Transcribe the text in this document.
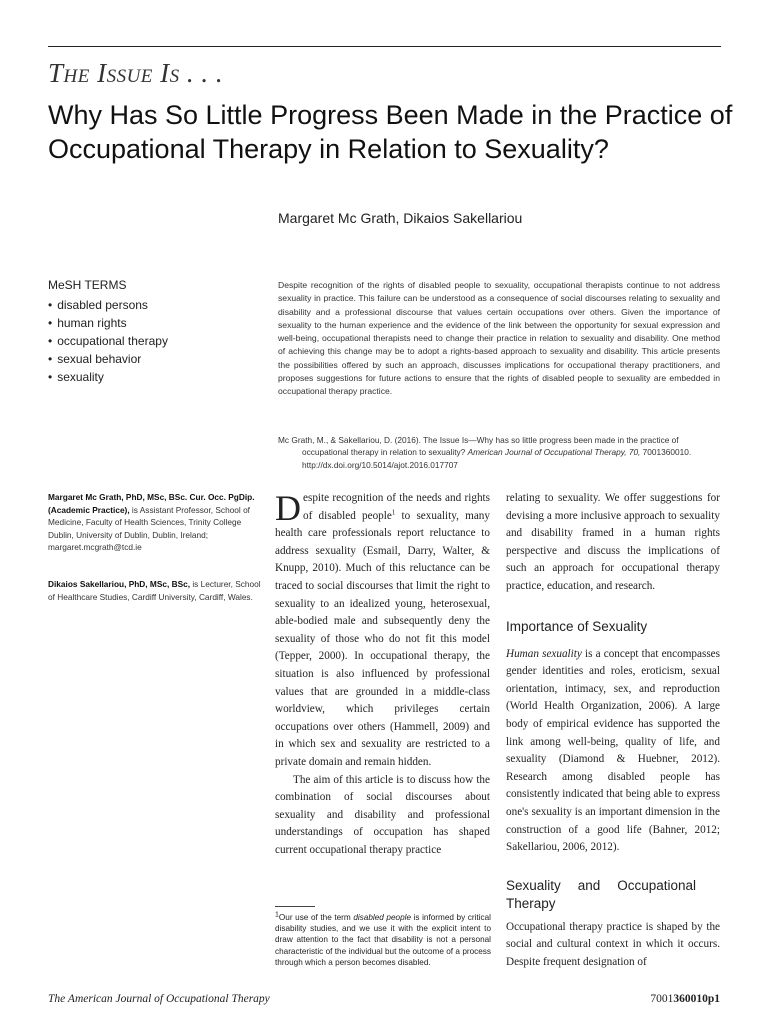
The Issue Is . . .
Why Has So Little Progress Been Made in the Practice of Occupational Therapy in Relation to Sexuality?
Margaret Mc Grath, Dikaios Sakellariou
MeSH TERMS
• disabled persons
• human rights
• occupational therapy
• sexual behavior
• sexuality
Despite recognition of the rights of disabled people to sexuality, occupational therapists continue to not address sexuality in practice. This failure can be understood as a consequence of social discourses relating to sexuality and disability and a professional discourse that values certain occupations over others. Given the importance of sexuality to the human experience and the evidence of the link between the opportunity for sexual expression and well-being, occupational therapists need to change their practice in relation to sexuality and disability. One method of achieving this change may be to adopt a rights-based approach to sexuality and disability. This article presents the possibilities offered by such an approach, discusses implications for occupational therapy practitioners, and proposes suggestions for future actions to ensure that the rights of disabled people to sexuality are embedded in occupational therapy practice.
Mc Grath, M., & Sakellariou, D. (2016). The Issue Is—Why has so little progress been made in the practice of occupational therapy in relation to sexuality? American Journal of Occupational Therapy, 70, 7001360010. http://dx.doi.org/10.5014/ajot.2016.017707
Margaret Mc Grath, PhD, MSc, BSc. Cur. Occ. PgDip. (Academic Practice), is Assistant Professor, School of Medicine, Faculty of Health Sciences, Trinity College Dublin, University of Dublin, Dublin, Ireland; margaret.mcgrath@tcd.ie
Dikaios Sakellariou, PhD, MSc, BSc, is Lecturer, School of Healthcare Studies, Cardiff University, Cardiff, Wales.

Despite recognition of the needs and rights of disabled people$^1$ to sexuality, many health care professionals report reluctance to address sexuality (Esmail, Darry, Walter, & Knupp, 2010). Much of this reluctance can be traced to social discourses that limit the right to sexuality to an idealized young, heterosexual, able-bodied male and subsequently deny the sexuality of those who do not fit this model (Tepper, 2000). In occupational therapy, the situation is also influenced by professional values that are grounded in a middle-class worldview, which privileges certain occupations over others (Hammell, 2009) and in which sex and sexuality are restricted to a private domain and remain hidden.

The aim of this article is to discuss how the combination of social discourses about sexuality and disability and professional understandings of occupation has shaped current occupational therapy practice

relating to sexuality. We offer suggestions for devising a more inclusive approach to sexuality and disability framed in a human rights perspective and discuss the implications of such an approach for occupational therapy practice, education, and research.

Importance of Sexuality

Human sexuality is a concept that encompasses gender identities and roles, eroticism, sexual orientation, intimacy, sex, and reproduction (World Health Organization, 2006). A large body of empirical evidence has supported the link among well-being, quality of life, and sexuality (Diamond & Huebner, 2012). Research among disabled people has consistently indicated that being able to express one's sexuality is an important dimension in the construction of a good life (Bahner, 2012; Sakellariou, 2006, 2012).

Sexuality and Occupational Therapy

Occupational therapy practice is shaped by the social and cultural context in which it occurs. Despite frequent designation of

$^1$Our use of the term disabled people is informed by critical disability studies, and we use it with the explicit intent to draw attention to the fact that disability is not a personal characteristic of the individual but the outcome of a process through which a person becomes disabled.
The American Journal of Occupational Therapy	7001360010p1
